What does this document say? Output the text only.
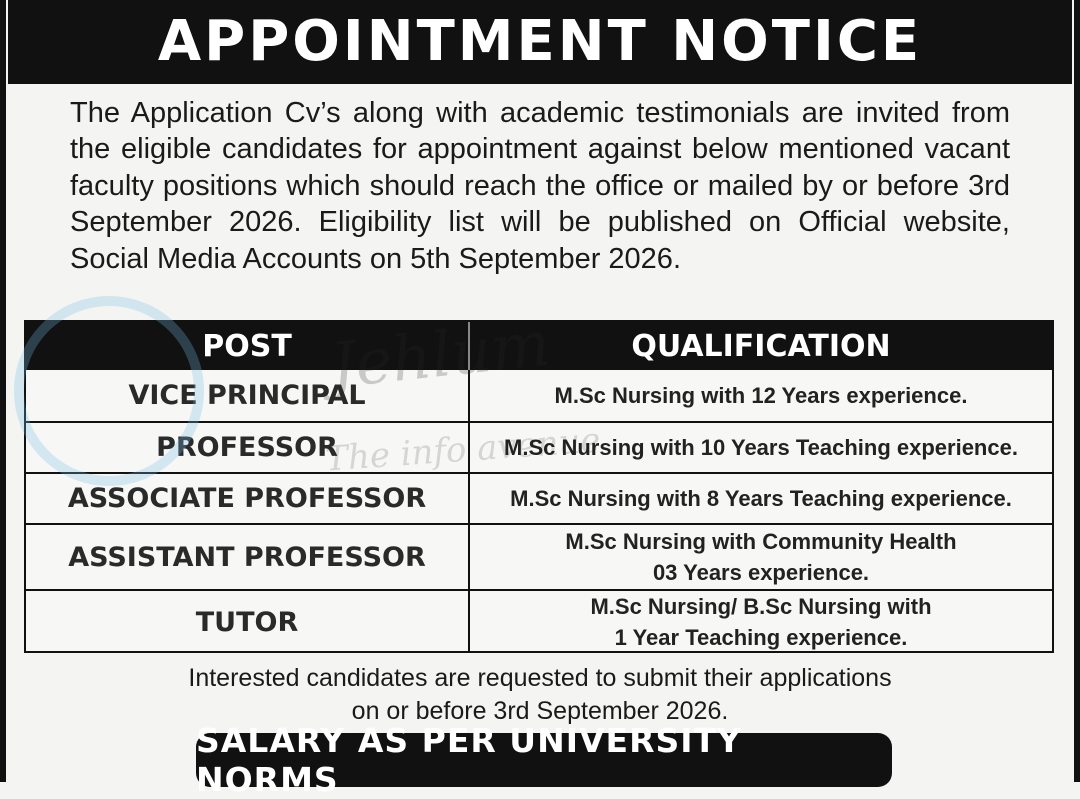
APPOINTMENT NOTICE

The Application Cv’s along with academic testimonials are invited from the eligible candidates for appointment against below mentioned vacant faculty positions which should reach the office or mailed by or before 3rd September 2026. Eligibility list will be published on Official website, Social Media Accounts on 5th September 2026.

POST	QUALIFICATION
VICE PRINCIPAL	M.Sc Nursing with 12 Years experience.
PROFESSOR	M.Sc Nursing with 10 Years Teaching experience.
ASSOCIATE PROFESSOR	M.Sc Nursing with 8 Years Teaching experience.
ASSISTANT PROFESSOR	M.Sc Nursing with Community Health
03 Years experience.
TUTOR	M.Sc Nursing/ B.Sc Nursing with
1 Year Teaching experience.
Interested candidates are requested to submit their applications
on or before 3rd September 2026.
SALARY AS PER UNIVERSITY NORMS
Jehlum
